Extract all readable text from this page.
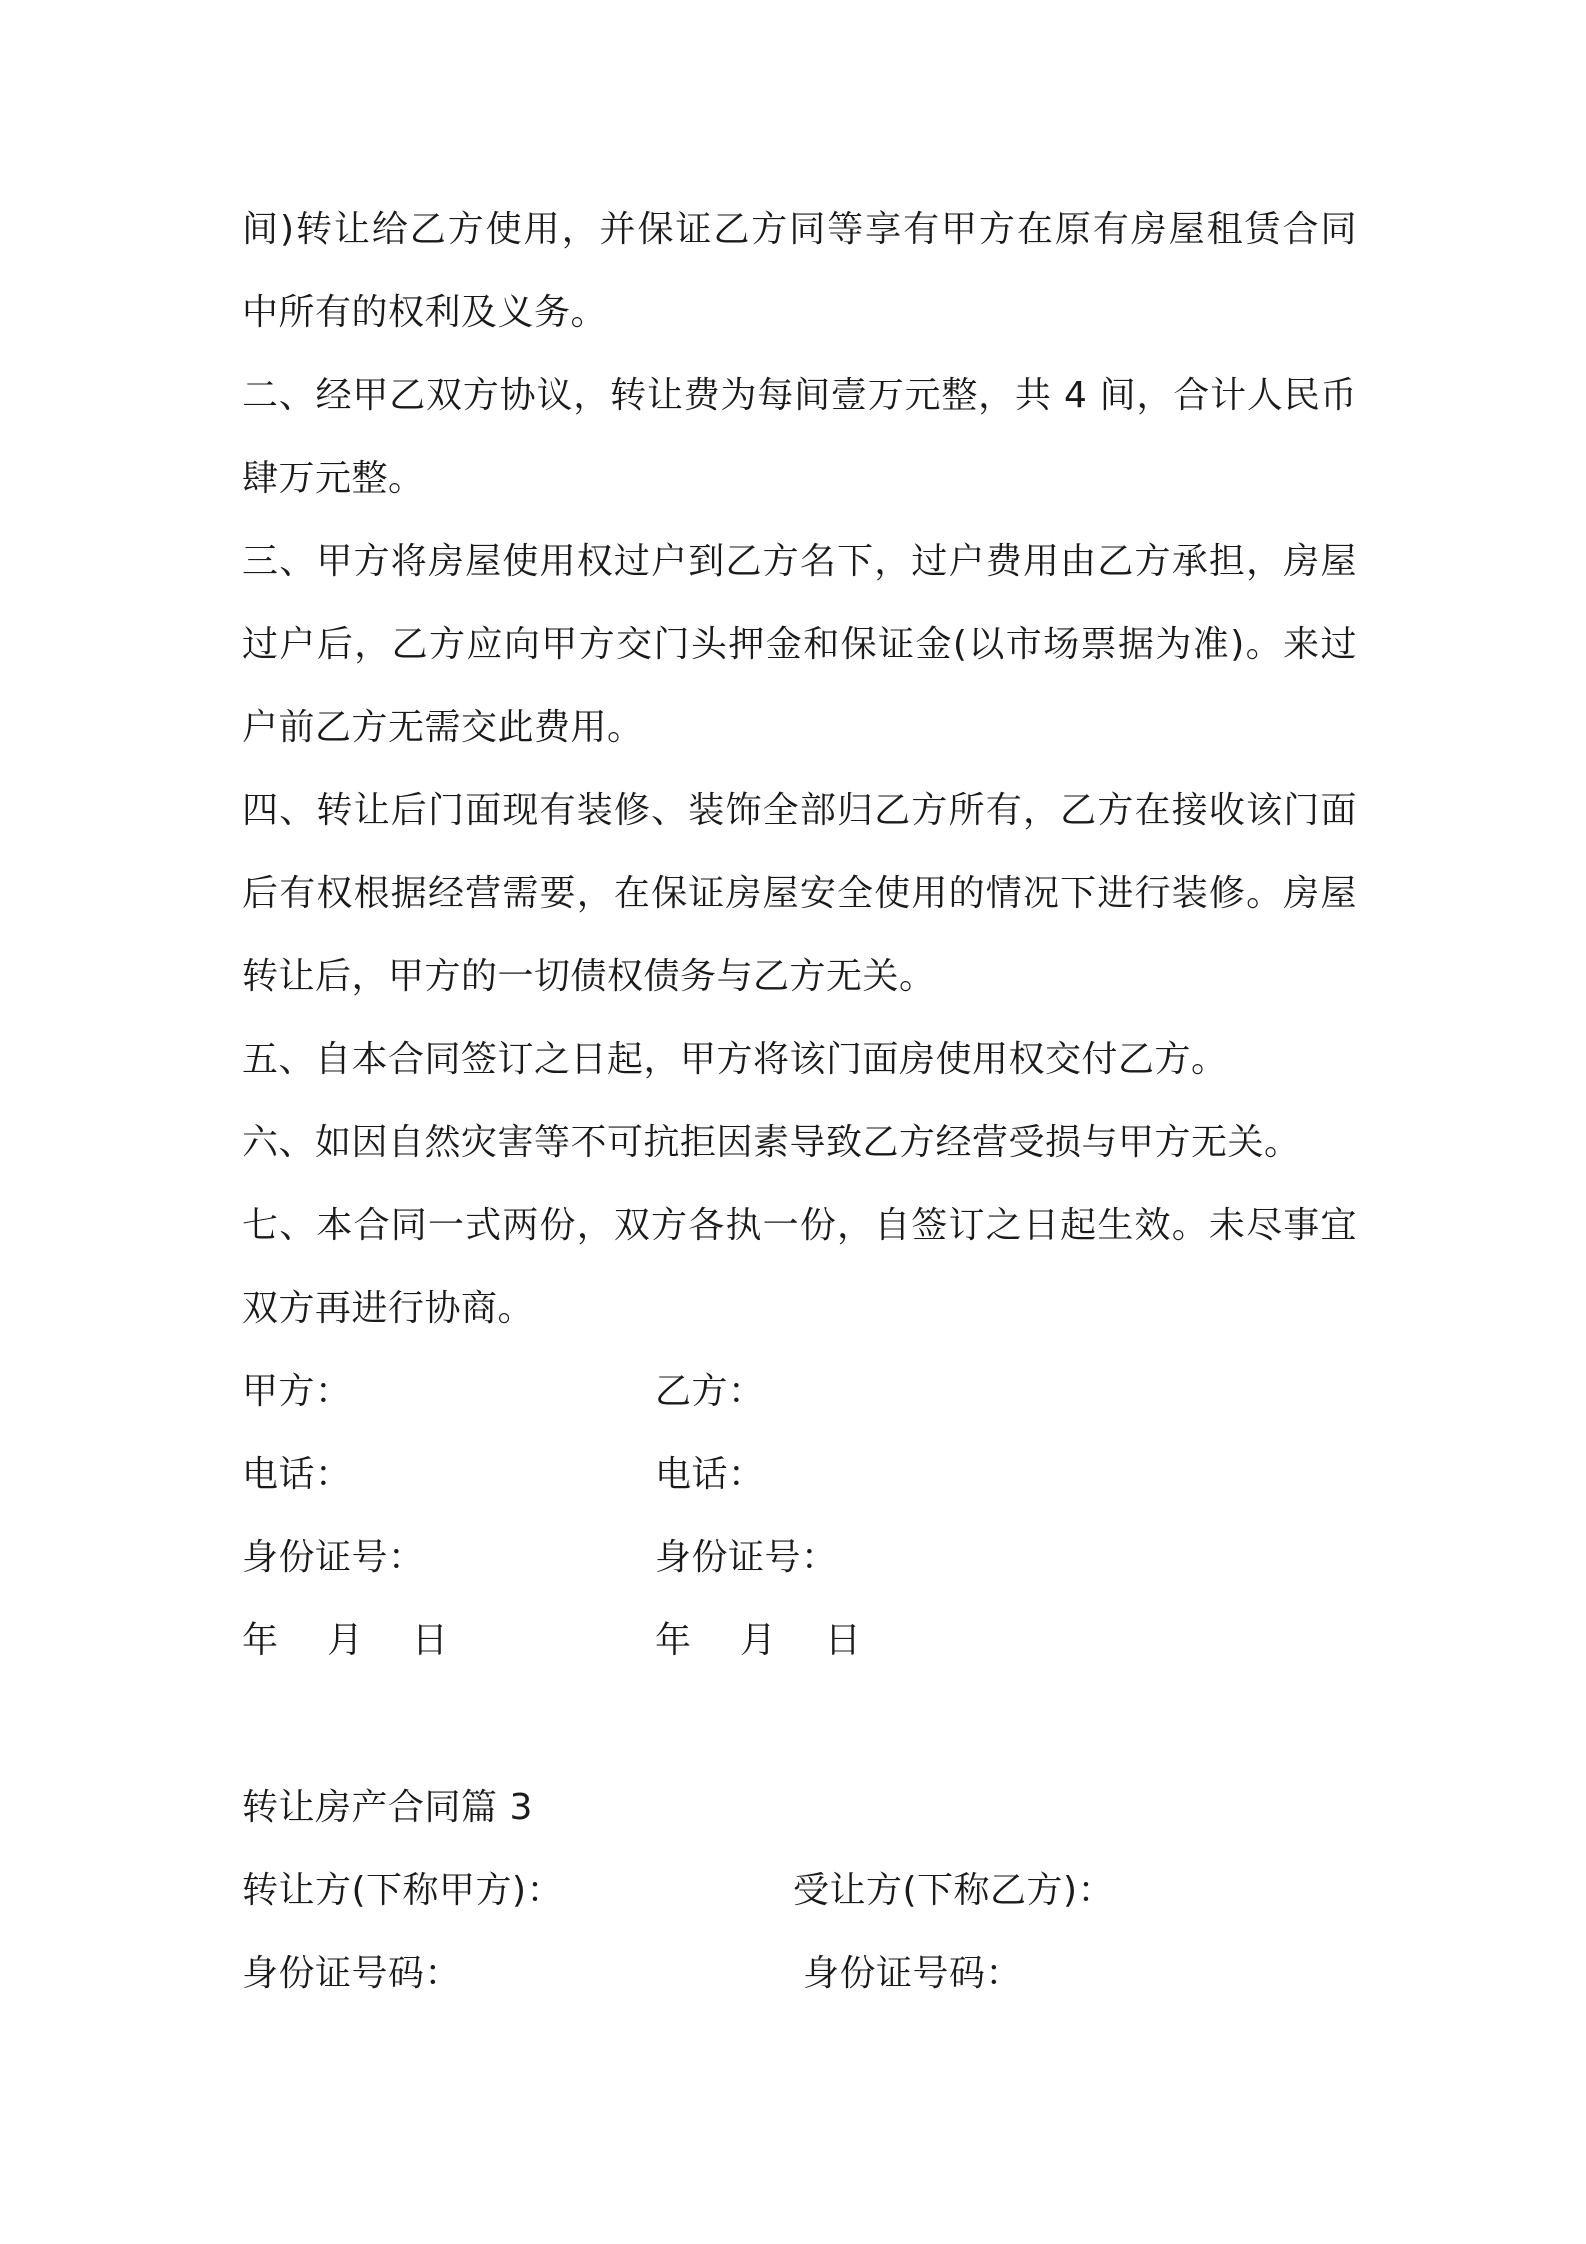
间)转让给乙方使用，并保证乙方同等享有甲方在原有房屋租赁合同
中所有的权利及义务。
二、经甲乙双方协议，转让费为每间壹万元整，共 4 间，合计人民币
肆万元整。
三、甲方将房屋使用权过户到乙方名下，过户费用由乙方承担，房屋
过户后，乙方应向甲方交门头押金和保证金(以市场票据为准)。来过
户前乙方无需交此费用。
四、转让后门面现有装修、装饰全部归乙方所有，乙方在接收该门面
后有权根据经营需要，在保证房屋安全使用的情况下进行装修。房屋
转让后，甲方的一切债权债务与乙方无关。
五、自本合同签订之日起，甲方将该门面房使用权交付乙方。
六、如因自然灾害等不可抗拒因素导致乙方经营受损与甲方无关。
七、本合同一式两份，双方各执一份，自签订之日起生效。未尽事宜
双方再进行协商。
甲方：	乙方：
电话：	电话：
身份证号：	身份证号：
年　 月　 日	年　 月　 日
转让房产合同篇 3
转让方(下称甲方)：	受让方(下称乙方)：
身份证号码：	身份证号码：
